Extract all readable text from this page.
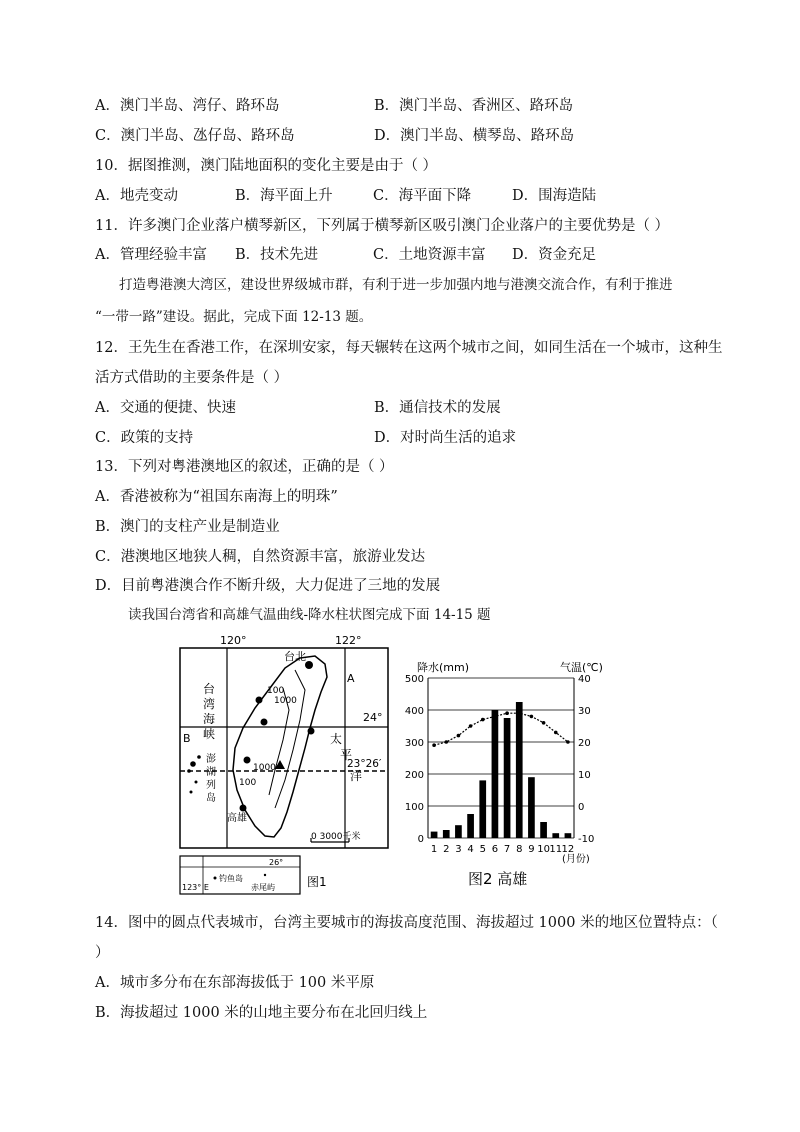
A．澳门半岛、湾仔、路环岛	B．澳门半岛、香洲区、路环岛
C．澳门半岛、氹仔岛、路环岛	D．澳门半岛、横琴岛、路环岛
10．据图推测，澳门陆地面积的变化主要是由于（ ）
A．地壳变动	B．海平面上升	C．海平面下降	D．围海造陆
11．许多澳门企业落户横琴新区，下列属于横琴新区吸引澳门企业落户的主要优势是（ ）
A．管理经验丰富 B．技术先进	C．土地资源丰富 D．资金充足
打造粤港澳大湾区，建设世界级城市群，有利于进一步加强内地与港澳交流合作，有利于推进
“一带一路”建设。据此，完成下面 12-13 题。
12．王先生在香港工作，在深圳安家，每天辗转在这两个城市之间，如同生活在一个城市，这种生
活方式借助的主要条件是（ ）
A．交通的便捷、快速	B．通信技术的发展
C．政策的支持	D．对时尚生活的追求
13．下列对粤港澳地区的叙述，正确的是（ ）
A．香港被称为“祖国东南海上的明珠”
B．澳门的支柱产业是制造业
C．港澳地区地狭人稠，自然资源丰富，旅游业发达
D．目前粤港澳合作不断升级，大力促进了三地的发展
读我国台湾省和高雄气温曲线-降水柱状图完成下面 14-15 题
120°	122°
24°
23°26′
台北
100
1000
1000
100
高雄
台
湾
海
峡	太
平
洋
澎
湖
列
岛
A
B
0 3000千米
26°
123° E
钓鱼岛
赤尾屿	图1
降水(mm)	气温(℃)
0
100
200
300
400
500
-10
0
10
20
30
40
1 2 3 4 5 6 7 8 9 10 11 12
(月份)
图2 高雄
14．图中的圆点代表城市，台湾主要城市的海拔高度范围、海拔超过 1000 米的地区位置特点：（
）
A．城市多分布在东部海拔低于 100 米平原
B．海拔超过 1000 米的山地主要分布在北回归线上
